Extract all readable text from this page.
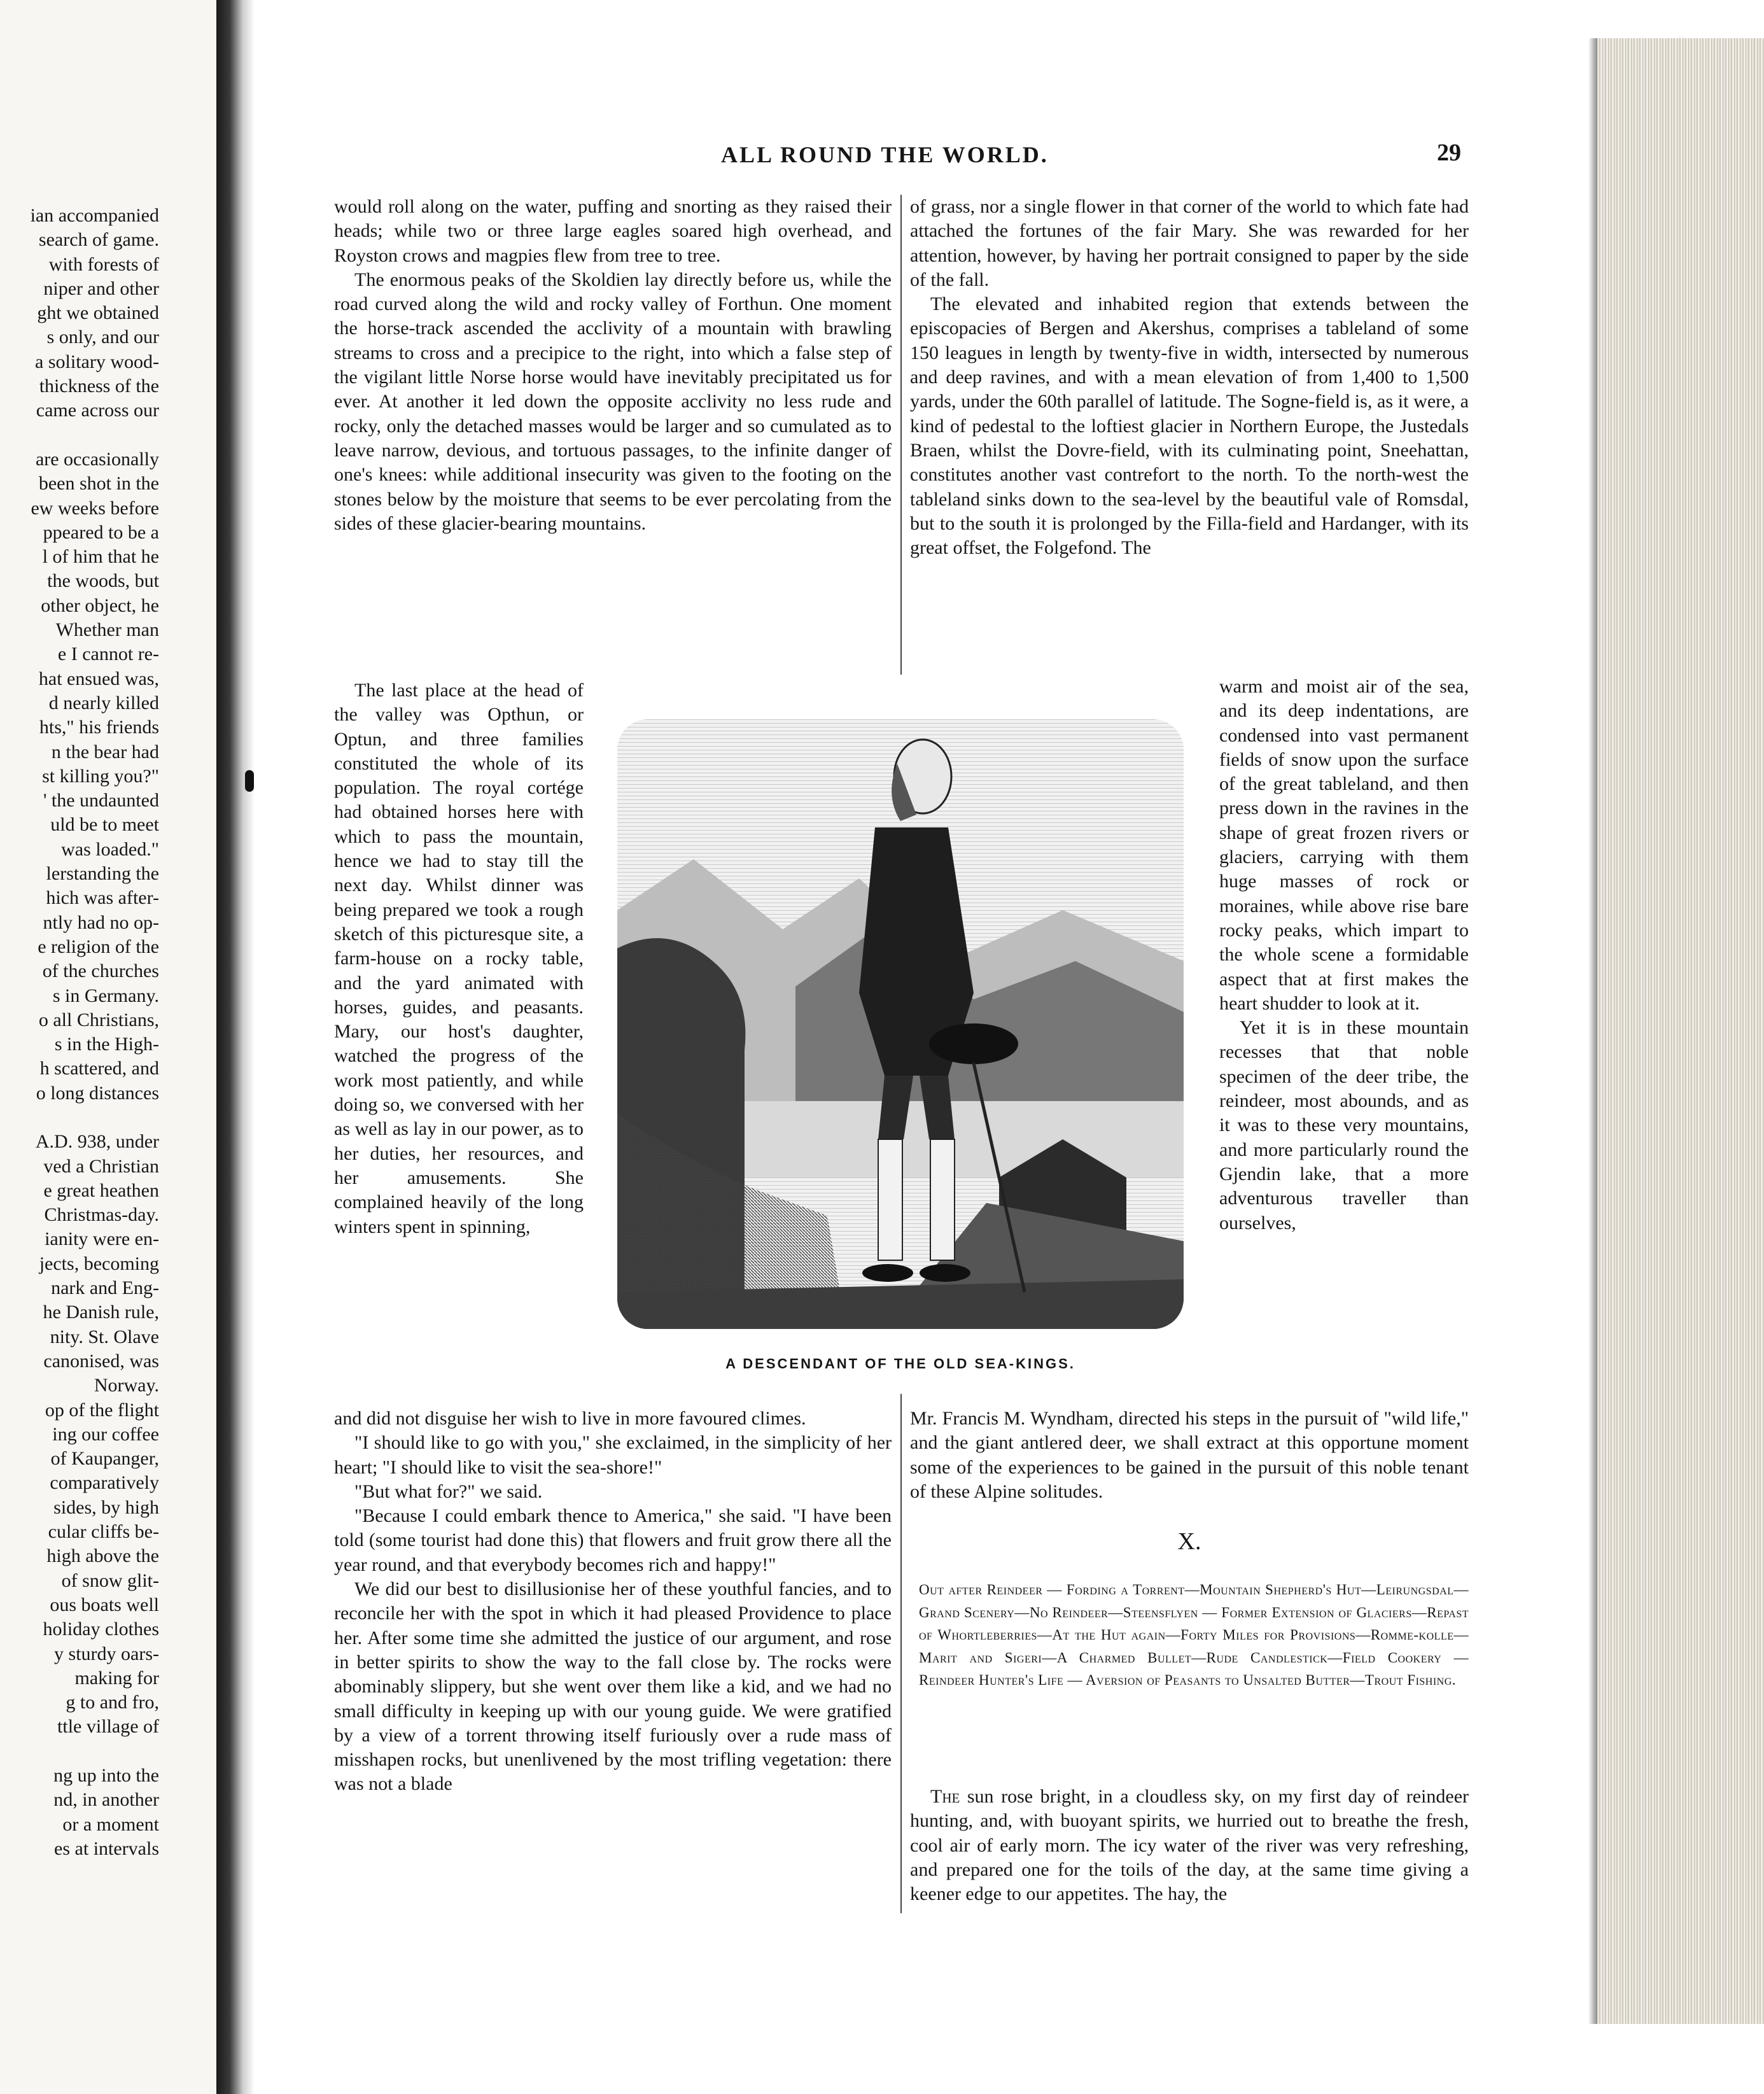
ian accompanied
search of game.
with forests of
niper and other
ght we obtained
s only, and our
a solitary wood-
thickness of the
came across our
are occasionally
been shot in the
ew weeks before
ppeared to be a
l of him that he
the woods, but
other object, he
Whether man
e I cannot re-
hat ensued was,
d nearly killed
hts," his friends
n the bear had
st killing you?"
' the undaunted
uld be to meet
was loaded."
lerstanding the
hich was after-
ntly had no op-
e religion of the
of the churches
s in Germany.
o all Christians,
s in the High-
h scattered, and
o long distances
A.D. 938, under
ved a Christian
e great heathen
Christmas-day.
ianity were en-
jects, becoming
nark and Eng-
he Danish rule,
nity. St. Olave
canonised, was
Norway.
op of the flight
ing our coffee
of Kaupanger,
comparatively
sides, by high
cular cliffs be-
high above the
of snow glit-
ous boats well
holiday clothes
y sturdy oars-
making for
g to and fro,
ttle village of
ng up into the
nd, in another
or a moment
es at intervals
ALL ROUND THE WORLD.	29

would roll along on the water, puffing and snorting as they raised their heads; while two or three large eagles soared high overhead, and Royston crows and magpies flew from tree to tree.

The enormous peaks of the Skoldien lay directly before us, while the road curved along the wild and rocky valley of Forthun. One moment the horse-track ascended the acclivity of a mountain with brawling streams to cross and a precipice to the right, into which a false step of the vigilant little Norse horse would have inevitably precipitated us for ever. At another it led down the opposite acclivity no less rude and rocky, only the detached masses would be larger and so cumulated as to leave narrow, devious, and tortuous passages, to the infinite danger of one's knees: while additional insecurity was given to the footing on the stones below by the moisture that seems to be ever percolating from the sides of these glacier-bearing mountains.

of grass, nor a single flower in that corner of the world to which fate had attached the fortunes of the fair Mary. She was rewarded for her attention, however, by having her portrait consigned to paper by the side of the fall.

The elevated and inhabited region that extends between the episcopacies of Bergen and Akershus, comprises a tableland of some 150 leagues in length by twenty-five in width, intersected by numerous and deep ravines, and with a mean elevation of from 1,400 to 1,500 yards, under the 60th parallel of latitude. The Sogne-field is, as it were, a kind of pedestal to the loftiest glacier in Northern Europe, the Justedals Braen, whilst the Dovre-field, with its culminating point, Sneehattan, constitutes another vast contrefort to the north. To the north-west the tableland sinks down to the sea-level by the beautiful vale of Romsdal, but to the south it is prolonged by the Filla-field and Hardanger, with its great offset, the Folgefond. The

The last place at the head of the valley was Opthun, or Optun, and three families constituted the whole of its population. The royal cortége had obtained horses here with which to pass the mountain, hence we had to stay till the next day. Whilst dinner was being prepared we took a rough sketch of this picturesque site, a farm-house on a rocky table, and the yard animated with horses, guides, and peasants. Mary, our host's daughter, watched the progress of the work most patiently, and while doing so, we conversed with her as well as lay in our power, as to her duties, her resources, and her amusements. She complained heavily of the long winters spent in spinning,

warm and moist air of the sea, and its deep indentations, are condensed into vast permanent fields of snow upon the surface of the great tableland, and then press down in the ravines in the shape of great frozen rivers or glaciers, carrying with them huge masses of rock or moraines, while above rise bare rocky peaks, which impart to the whole scene a formidable aspect that at first makes the heart shudder to look at it.

Yet it is in these mountain recesses that that noble specimen of the deer tribe, the reindeer, most abounds, and as it was to these very mountains, and more particularly round the Gjendin lake, that a more adventurous traveller than ourselves,

A DESCENDANT OF THE OLD SEA-KINGS.

and did not disguise her wish to live in more favoured climes.

"I should like to go with you," she exclaimed, in the simplicity of her heart; "I should like to visit the sea-shore!"

"But what for?" we said.

"Because I could embark thence to America," she said. "I have been told (some tourist had done this) that flowers and fruit grow there all the year round, and that everybody becomes rich and happy!"

We did our best to disillusionise her of these youthful fancies, and to reconcile her with the spot in which it had pleased Providence to place her. After some time she admitted the justice of our argument, and rose in better spirits to show the way to the fall close by. The rocks were abominably slippery, but she went over them like a kid, and we had no small difficulty in keeping up with our young guide. We were gratified by a view of a torrent throwing itself furiously over a rude mass of misshapen rocks, but unenlivened by the most trifling vegetation: there was not a blade

Mr. Francis M. Wyndham, directed his steps in the pursuit of "wild life," and the giant antlered deer, we shall extract at this opportune moment some of the experiences to be gained in the pursuit of this noble tenant of these Alpine solitudes.

X.
Out after Reindeer — Fording a Torrent—Mountain Shepherd's Hut—Leirungsdal—Grand Scenery—No Reindeer—Steensflyen — Former Extension of Glaciers—Repast of Whortleberries—At the Hut again—Forty Miles for Provisions—Romme-kolle—Marit and Sigeri—A Charmed Bullet—Rude Candlestick—Field Cookery — Reindeer Hunter's Life — Aversion of Peasants to Unsalted Butter—Trout Fishing.

The sun rose bright, in a cloudless sky, on my first day of reindeer hunting, and, with buoyant spirits, we hurried out to breathe the fresh, cool air of early morn. The icy water of the river was very refreshing, and prepared one for the toils of the day, at the same time giving a keener edge to our appetites. The hay, the
